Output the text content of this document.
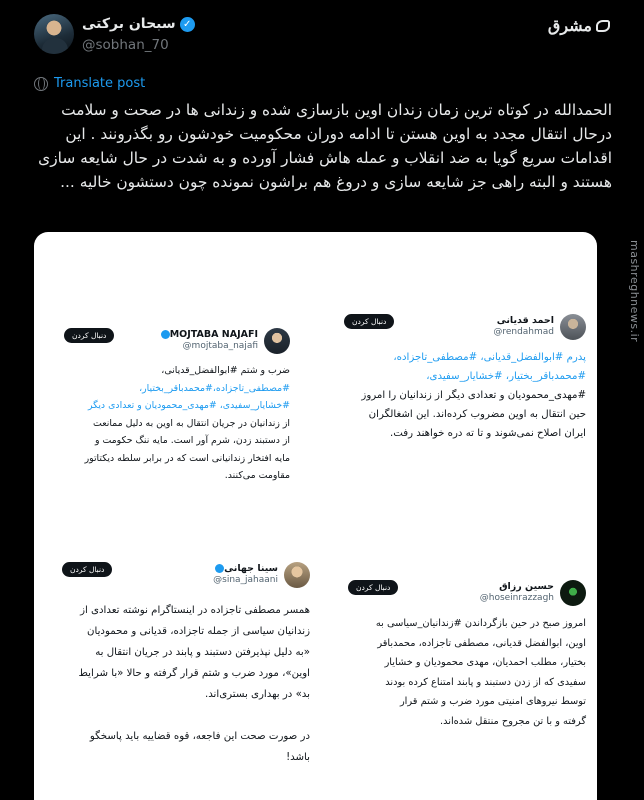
سبحان برکتی ✓
@sobhan_70
مشرق
mashreghnews.ir
Translate post
الحمدالله در کوتاه ترین زمان زندان اوین بازسازی شده و زندانی ها در صحت و سلامت درحال انتقال مجدد به اوین هستن تا ادامه دوران محکومیت خودشون رو بگذرونند . این اقدامات سریع گویا به ضد انقلاب و عمله هاش فشار آورده و به شدت در حال شایعه سازی هستند و البته راهی جز شایعه سازی و دروغ هم براشون نمونده چون دستشون خالیه ...
MOJTABA NAJAFI
@mojtaba_najafi
دنبال کردن
ضرب و شتم #ابوالفضل_قدیانی،
#مصطفی_تاجزاده،#محمدباقر_بختیار،
#خشایار_سفیدی، #مهدی_محمودیان و تعدادی دیگر
از زندانیان در جریان انتقال به اوین به دلیل ممانعت
از دستبند زدن، شرم آور است. مایه ننگ حکومت و
مایه افتخار زندانیانی است که در برابر سلطه دیکتاتور
مقاومت می‌کنند.
احمد قدیانی
@rendahmad
دنبال کردن
پدرم #ابوالفضل_قدیانی، #مصطفی_تاجزاده،
#محمدباقر_بختیار، #خشایار_سفیدی،
#مهدی_محمودیان و تعدادی دیگر از زندانیان را امروز
حین انتقال به اوین مضروب کرده‌اند. این اشغالگران
ایران اصلاح نمی‌شوند و تا ته دره خواهند رفت.
سینا جهانی
@sina_jahaani
دنبال کردن
همسر مصطفی تاجزاده در اینستاگرام نوشته تعدادی از
زندانیان سیاسی از جمله تاجزاده، قدیانی و محمودیان
«به دلیل نپذیرفتن دستبند و پابند در جریان انتقال به
اوین»، مورد ضرب و شتم قرار گرفته و حالا «با شرایط
بد» در بهداری بستری‌اند.
در صورت صحت این فاجعه، قوه قضاییه باید پاسخگو
باشد!
حسین رزاق
@hoseinrazzagh
دنبال کردن
امروز صبح در حین بازگرداندن #زندانیان_سیاسی به
اوین، ابوالفضل قدیانی، مصطفی تاجزاده، محمدباقر
بختیار، مطلب احمدیان، مهدی محمودیان و خشایار
سفیدی که از زدن دستبند و پابند امتناع کرده بودند
توسط نیروهای امنیتی مورد ضرب و شتم قرار
گرفته و با تن مجروح منتقل شده‌اند.
